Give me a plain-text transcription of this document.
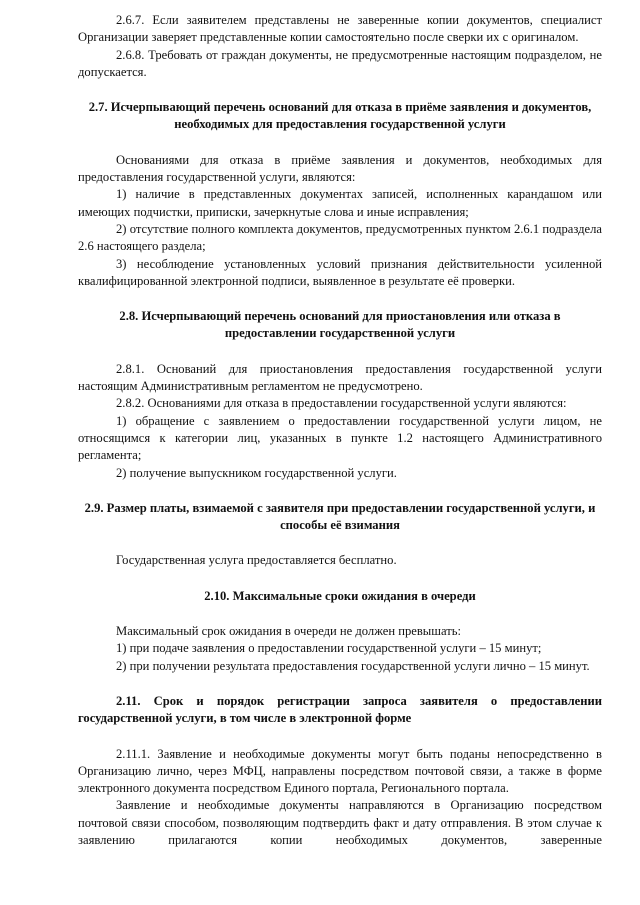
2.6.7. Если заявителем представлены не заверенные копии документов, специалист Организации заверяет представленные копии самостоятельно после сверки их с оригиналом.

2.6.8. Требовать от граждан документы, не предусмотренные настоящим подразделом, не допускается.

2.7. Исчерпывающий перечень оснований для отказа в приёме заявления и документов, необходимых для предоставления государственной услуги

Основаниями для отказа в приёме заявления и документов, необходимых для предоставления государственной услуги, являются:

1) наличие в представленных документах записей, исполненных карандашом или имеющих подчистки, приписки, зачеркнутые слова и иные исправления;

2) отсутствие полного комплекта документов, предусмотренных пунктом 2.6.1 подраздела 2.6 настоящего раздела;

3) несоблюдение установленных условий признания действительности усиленной квалифицированной электронной подписи, выявленное в результате её проверки.

2.8. Исчерпывающий перечень оснований для приостановления или отказа в предоставлении государственной услуги

2.8.1. Оснований для приостановления предоставления государственной услуги настоящим Административным регламентом не предусмотрено.

2.8.2. Основаниями для отказа в предоставлении государственной услуги являются:

1) обращение с заявлением о предоставлении государственной услуги лицом, не относящимся к категории лиц, указанных в пункте 1.2 настоящего Административного регламента;

2) получение выпускником государственной услуги.

2.9. Размер платы, взимаемой с заявителя при предоставлении государственной услуги, и способы её взимания

Государственная услуга предоставляется бесплатно.

2.10. Максимальные сроки ожидания в очереди

Максимальный срок ожидания в очереди не должен превышать:

1) при подаче заявления о предоставлении государственной услуги – 15 минут;

2) при получении результата предоставления государственной услуги лично – 15 минут.

2.11. Срок и порядок регистрации запроса заявителя о предоставлении государственной услуги, в том числе в электронной форме

2.11.1. Заявление и необходимые документы могут быть поданы непосредственно в Организацию лично, через МФЦ, направлены посредством почтовой связи, а также в форме электронного документа посредством Единого портала, Регионального портала.

Заявление и необходимые документы направляются в Организацию посредством почтовой связи способом, позволяющим подтвердить факт и дату отправления. В этом случае к заявлению прилагаются копии необходимых документов, заверенные
